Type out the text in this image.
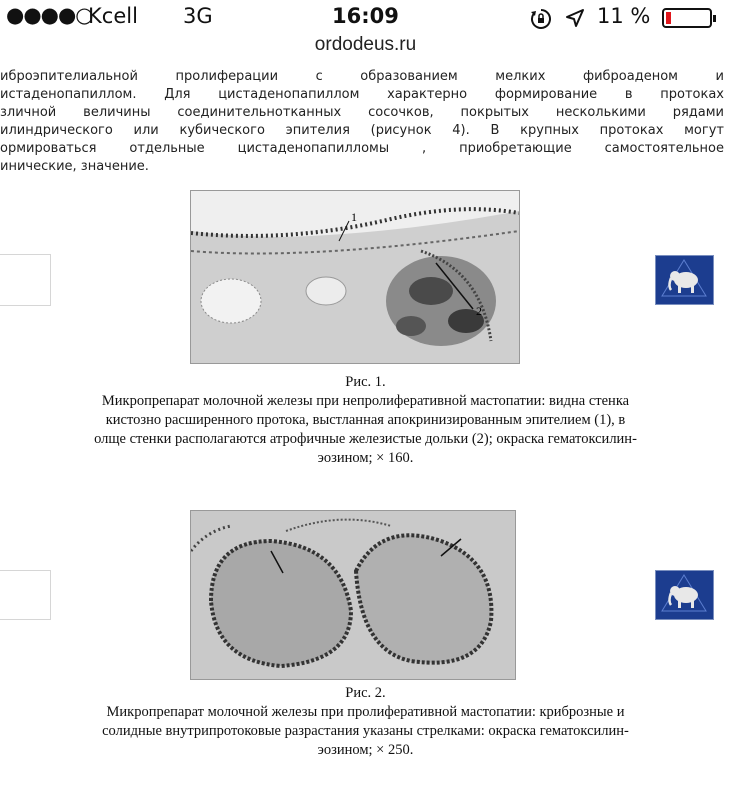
●●●●○
Kcell 3G	16:09	11 %
ordodeus.ru
иброэпителиальной пролиферации с образованием мелких фиброаденом и
истаденопапиллом. Для цистаденопапиллом характерно формирование в протоках
зличной величины соединительнотканных сосочков, покрытых несколькими рядами
илиндрического или кубического эпителия (рисунок 4). В крупных протоках могут
ормироваться отдельные цистаденопапилломы , приобретающие самостоятельное
инические, значение.
1
2
Рис. 1.
Микропрепарат молочной железы при непролиферативной мастопатии: видна стенка
кистозно расширенного протока, выстланная апокринизированным эпителием (1), в
олще стенки располагаются атрофичные железистые дольки (2); окраска гематоксилин-
эозином; × 160.
Рис. 2.
Микропрепарат молочной железы при пролиферативной мастопатии: криброзные и
солидные внутрипротоковые разрастания указаны стрелками: окраска гематоксилин-
эозином; × 250.
